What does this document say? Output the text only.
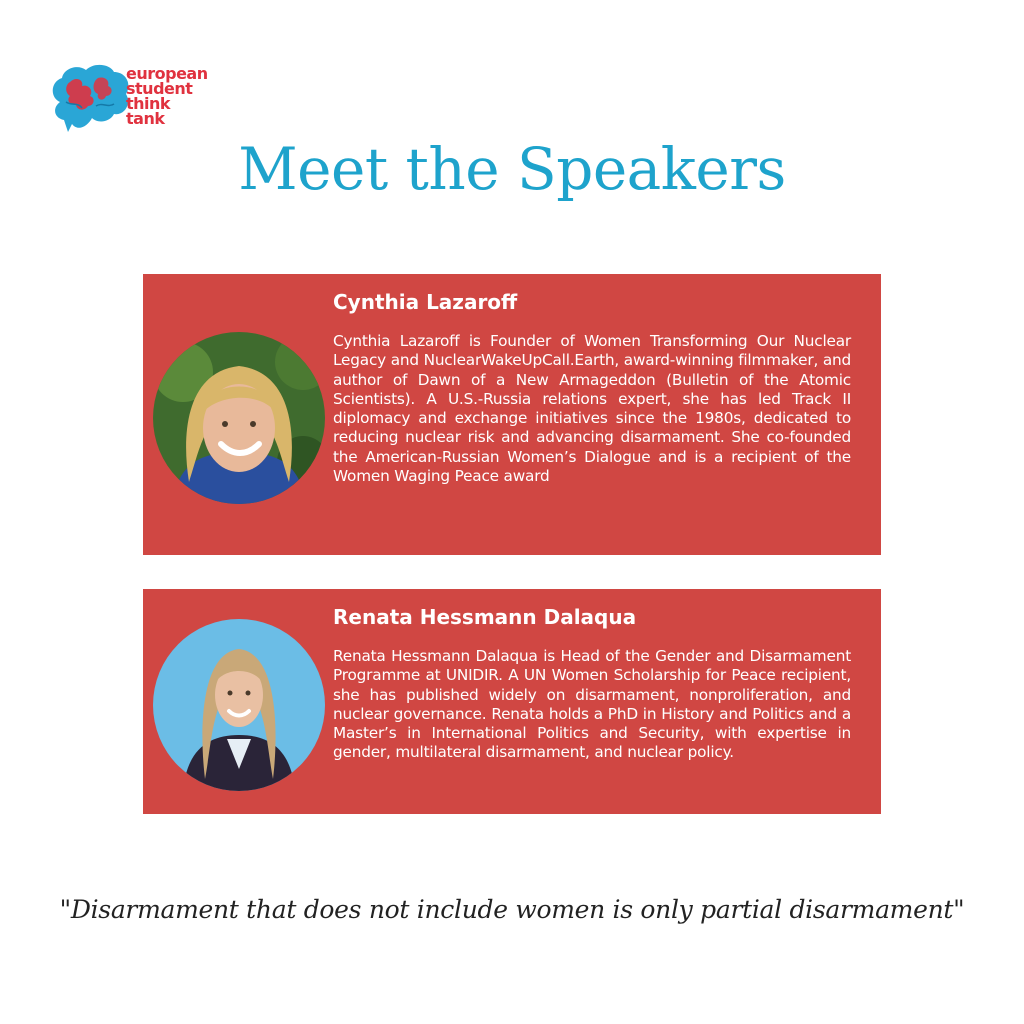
european
student
think
tank
Meet the Speakers
Cynthia Lazaroff
Cynthia Lazaroff is Founder of Women Transforming Our Nuclear Legacy and NuclearWakeUpCall.Earth, award-winning filmmaker, and author of Dawn of a New Armageddon (Bulletin of the Atomic Scientists). A U.S.-Russia relations expert, she has led Track II diplomacy and exchange initiatives since the 1980s, dedicated to reducing nuclear risk and advancing disarmament. She co-founded the American-Russian Women’s Dialogue and is a recipient of the Women Waging Peace award
Renata Hessmann Dalaqua
Renata Hessmann Dalaqua is Head of the Gender and Disarmament Programme at UNIDIR. A UN Women Scholarship for Peace recipient, she has published widely on disarmament, nonproliferation, and nuclear governance. Renata holds a PhD in History and Politics and a Master’s in International Politics and Security, with expertise in gender, multilateral disarmament, and nuclear policy.
"Disarmament that does not include women is only partial disarmament"
